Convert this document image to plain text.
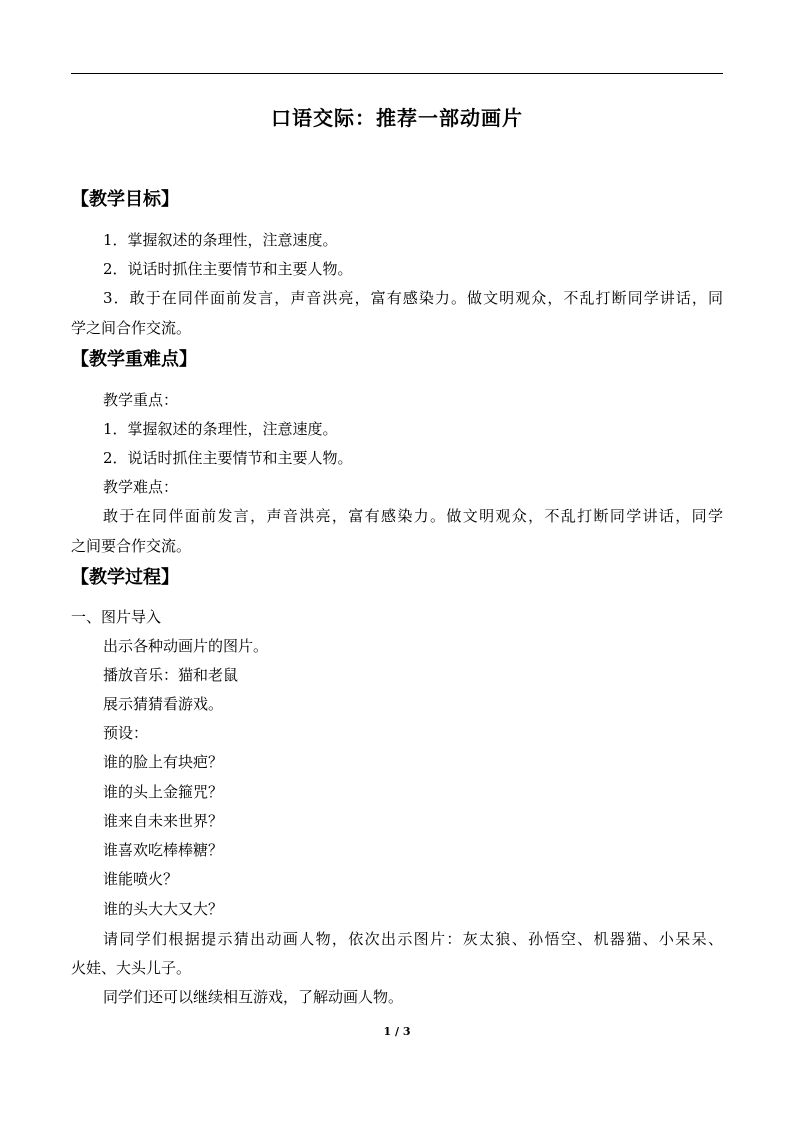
口语交际：推荐一部动画片
【教学目标】

1．掌握叙述的条理性，注意速度。

2．说话时抓住主要情节和主要人物。

3．敢于在同伴面前发言，声音洪亮，富有感染力。做文明观众，不乱打断同学讲话，同

学之间合作交流。

【教学重难点】

教学重点：

1．掌握叙述的条理性，注意速度。

2．说话时抓住主要情节和主要人物。

教学难点：

敢于在同伴面前发言，声音洪亮，富有感染力。做文明观众，不乱打断同学讲话，同学

之间要合作交流。

【教学过程】

一、图片导入

出示各种动画片的图片。

播放音乐：猫和老鼠

展示猜猜看游戏。

预设：

谁的脸上有块疤？

谁的头上金箍咒？

谁来自未来世界？

谁喜欢吃棒棒糖？

谁能喷火？

谁的头大大又大？

请同学们根据提示猜出动画人物，依次出示图片：灰太狼、孙悟空、机器猫、小呆呆、

火娃、大头儿子。

同学们还可以继续相互游戏，了解动画人物。

1 / 3
